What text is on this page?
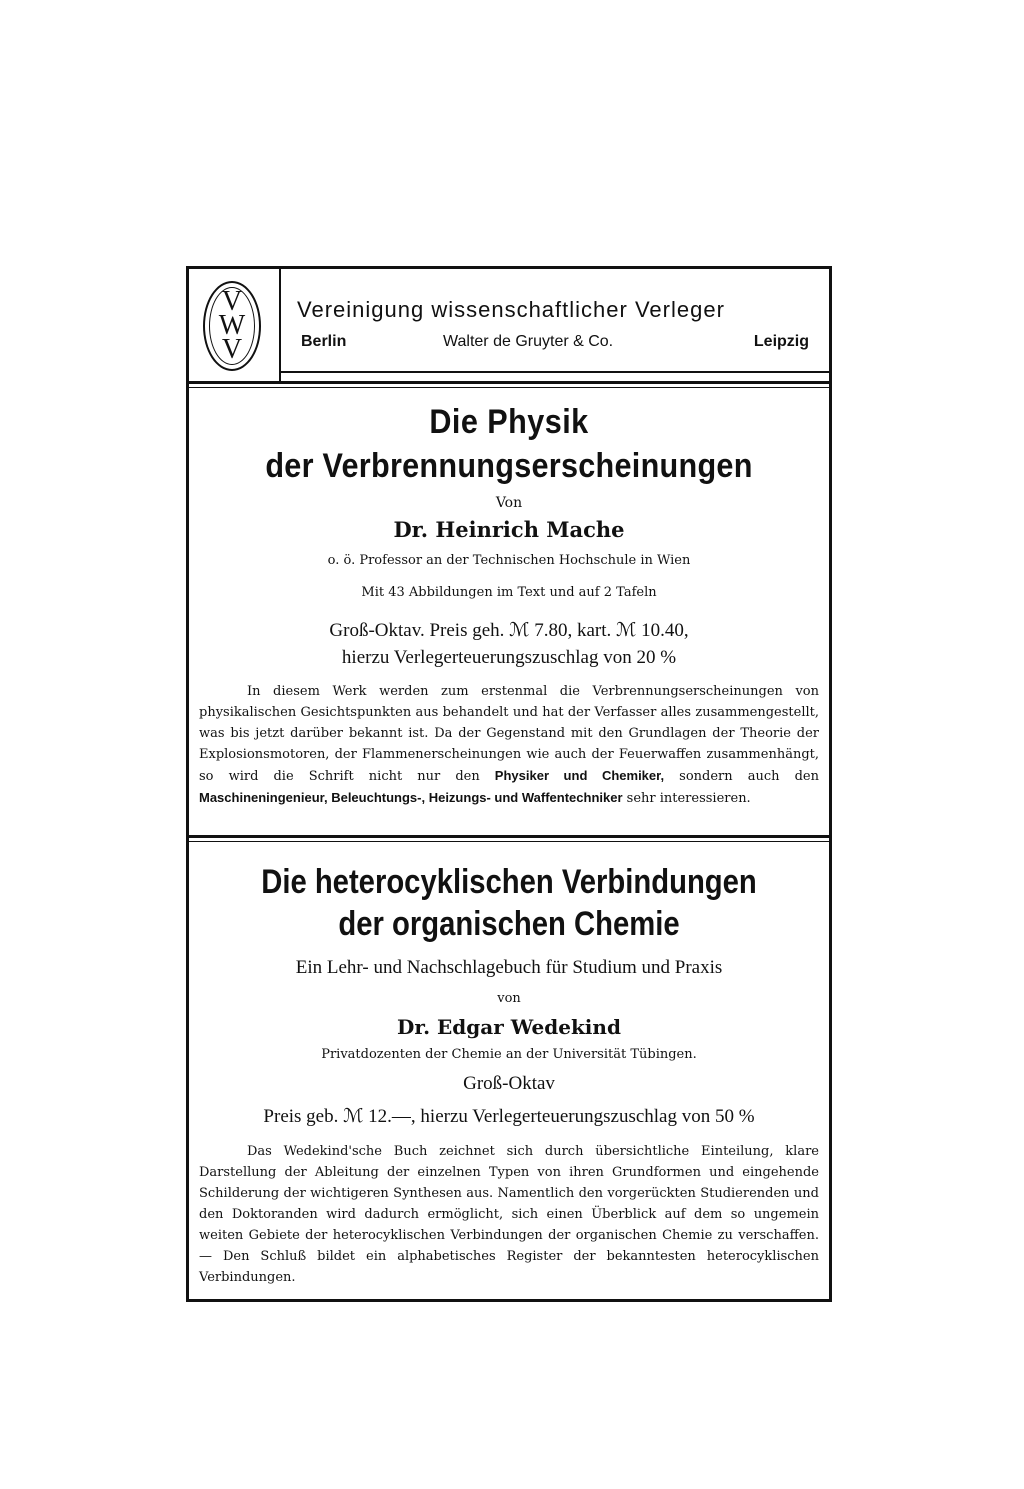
V
W
V
Vereinigung wissenschaftlicher Verleger
Berlin	Walter de Gruyter & Co.	Leipzig
Die Physik
der Verbrennungserscheinungen
Von
Dr. Heinrich Mache
o. ö. Professor an der Technischen Hochschule in Wien
Mit 43 Abbildungen im Text und auf 2 Tafeln
Groß-Oktav. Preis geh. ℳ 7.80, kart. ℳ 10.40,
hierzu Verlegerteuerungszuschlag von 20 %
In diesem Werk werden zum erstenmal die Verbrennungserscheinungen von physikalischen Gesichtspunkten aus behandelt und hat der Verfasser alles zusammengestellt, was bis jetzt darüber bekannt ist. Da der Gegenstand mit den Grundlagen der Theorie der Explosionsmotoren, der Flammenerscheinungen wie auch der Feuerwaffen zusammenhängt, so wird die Schrift nicht nur den Physiker und Chemiker, sondern auch den Maschineningenieur, Beleuchtungs-, Heizungs- und Waffentechniker sehr interessieren.
Die heterocyklischen Verbindungen
der organischen Chemie
Ein Lehr- und Nachschlagebuch für Studium und Praxis
von
Dr. Edgar Wedekind
Privatdozenten der Chemie an der Universität Tübingen.
Groß-Oktav
Preis geb. ℳ 12.—, hierzu Verlegerteuerungszuschlag von 50 %
Das Wedekind'sche Buch zeichnet sich durch übersichtliche Einteilung, klare Darstellung der Ableitung der einzelnen Typen von ihren Grundformen und eingehende Schilderung der wichtigeren Synthesen aus. Namentlich den vorgerückten Studierenden und den Doktoranden wird dadurch ermöglicht, sich einen Überblick auf dem so ungemein weiten Gebiete der heterocyklischen Verbindungen der organischen Chemie zu verschaffen. — Den Schluß bildet ein alphabetisches Register der bekanntesten heterocyklischen Verbindungen.
